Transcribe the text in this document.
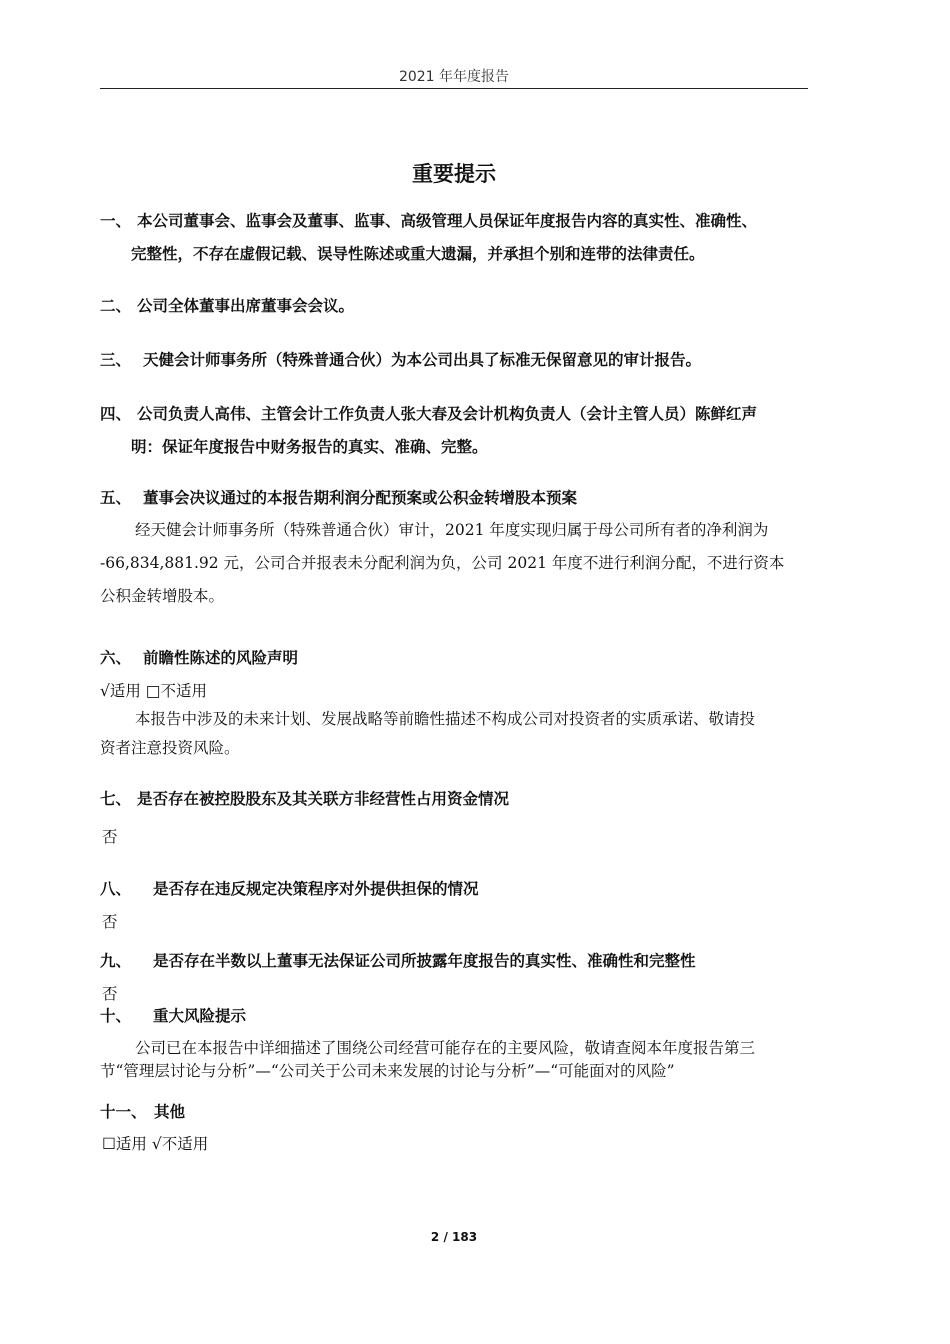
2021 年年度报告
重要提示
一、 本公司董事会、监事会及董事、监事、高级管理人员保证年度报告内容的真实性、准确性、
完整性，不存在虚假记载、误导性陈述或重大遗漏，并承担个别和连带的法律责任。
二、 公司全体董事出席董事会会议。
三、 天健会计师事务所（特殊普通合伙）为本公司出具了标准无保留意见的审计报告。
四、 公司负责人高伟、主管会计工作负责人张大春及会计机构负责人（会计主管人员）陈鲜红声
明：保证年度报告中财务报告的真实、准确、完整。
五、 董事会决议通过的本报告期利润分配预案或公积金转增股本预案
经天健会计师事务所（特殊普通合伙）审计，2021 年度实现归属于母公司所有者的净利润为
-66,834,881.92 元，公司合并报表未分配利润为负，公司 2021 年度不进行利润分配，不进行资本
公积金转增股本。
六、 前瞻性陈述的风险声明
√适用 □不适用
本报告中涉及的未来计划、发展战略等前瞻性描述不构成公司对投资者的实质承诺、敬请投
资者注意投资风险。
七、 是否存在被控股股东及其关联方非经营性占用资金情况
否
八、 是否存在违反规定决策程序对外提供担保的情况
否
九、 是否存在半数以上董事无法保证公司所披露年度报告的真实性、准确性和完整性
否
十、 重大风险提示
公司已在本报告中详细描述了围绕公司经营可能存在的主要风险，敬请查阅本年度报告第三
节“管理层讨论与分析”—“公司关于公司未来发展的讨论与分析”—“可能面对的风险”
十一、 其他
☐适用 √不适用
2 / 183
